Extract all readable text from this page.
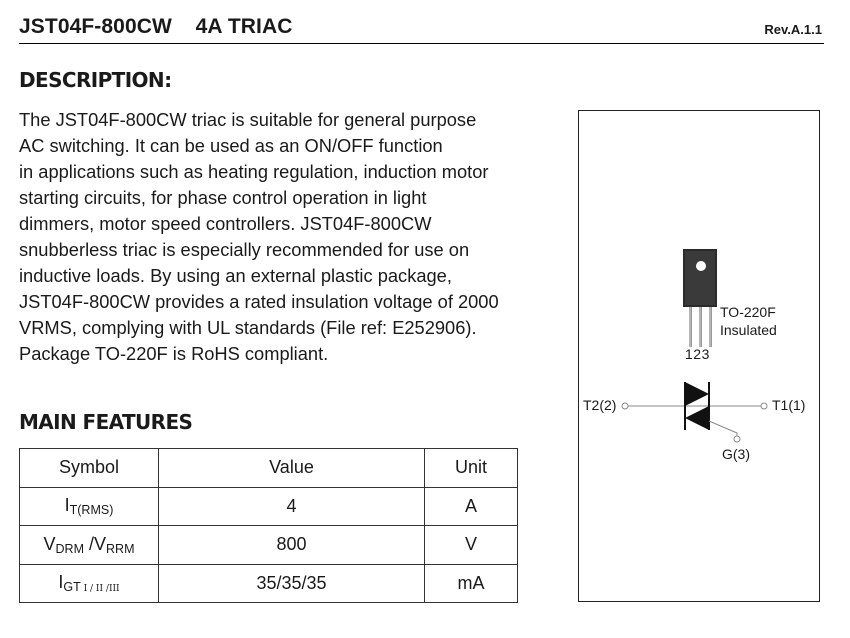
JST04F-800CW    4A TRIAC	Rev.A.1.1
DESCRIPTION:
The JST04F-800CW triac is suitable for general purpose
AC switching. It can be used as an ON/OFF function
in applications such as heating regulation, induction motor
starting circuits, for phase control operation in light
dimmers, motor speed controllers. JST04F-800CW
snubberless triac is especially recommended for use on
inductive loads. By using an external plastic package,
JST04F-800CW provides a rated insulation voltage of 2000
VRMS, complying with UL standards (File ref: E252906).
Package TO-220F is RoHS compliant.
TO-220F
Insulated
123
T2(2)	T1(1)
G(3)
MAIN FEATURES
Symbol	Value	Unit
$I_{T(RMS)}$	4	A
$V_{DRM}$ $/V_{RRM}$	800	V
$I_{GT}$ I / II /III	35/35/35	mA
